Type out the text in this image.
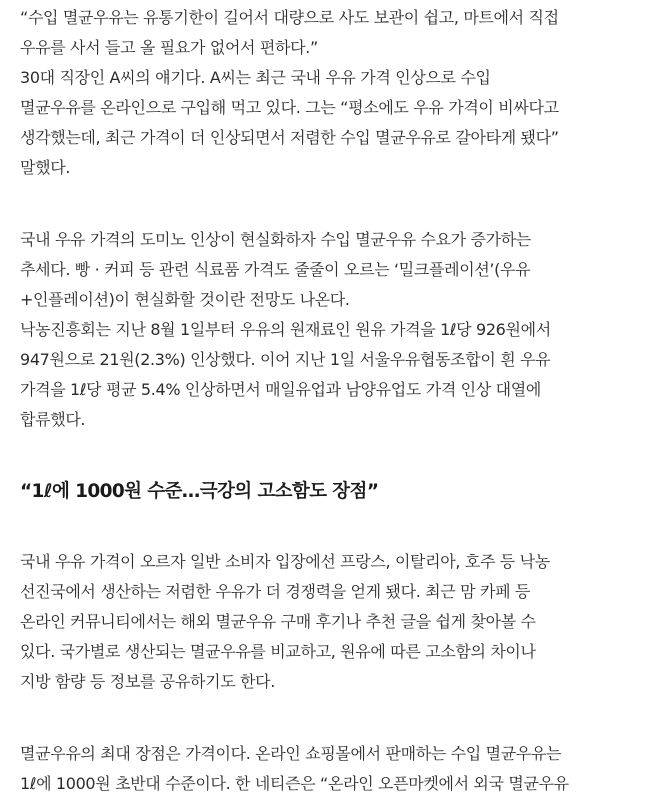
“수입 멸균우유는 유통기한이 길어서 대량으로 사도 보관이 쉽고, 마트에서 직접
우유를 사서 들고 올 필요가 없어서 편하다.”
30대 직장인 A씨의 얘기다. A씨는 최근 국내 우유 가격 인상으로 수입
멸균우유를 온라인으로 구입해 먹고 있다. 그는 “평소에도 우유 가격이 비싸다고
생각했는데, 최근 가격이 더 인상되면서 저렴한 수입 멸균우유로 갈아타게 됐다”
말했다.
국내 우유 가격의 도미노 인상이 현실화하자 수입 멸균우유 수요가 증가하는
추세다. 빵 · 커피 등 관련 식료품 가격도 줄줄이 오르는 ‘밀크플레이션’(우유
+인플레이션)이 현실화할 것이란 전망도 나온다.
낙농진흥회는 지난 8월 1일부터 우유의 원재료인 원유 가격을 1ℓ당 926원에서
947원으로 21원(2.3%) 인상했다. 이어 지난 1일 서울우유협동조합이 흰 우유
가격을 1ℓ당 평균 5.4% 인상하면서 매일유업과 남양유업도 가격 인상 대열에
합류했다.
“1ℓ에 1000원 수준…극강의 고소함도 장점”
국내 우유 가격이 오르자 일반 소비자 입장에선 프랑스, 이탈리아, 호주 등 낙농
선진국에서 생산하는 저렴한 우유가 더 경쟁력을 얻게 됐다. 최근 맘 카페 등
온라인 커뮤니티에서는 해외 멸균우유 구매 후기나 추천 글을 쉽게 찾아볼 수
있다. 국가별로 생산되는 멸균우유를 비교하고, 원유에 따른 고소함의 차이나
지방 함량 등 정보를 공유하기도 한다.
멸균우유의 최대 장점은 가격이다. 온라인 쇼핑몰에서 판매하는 수입 멸균우유는
1ℓ에 1000원 초반대 수준이다. 한 네티즌은 “온라인 오픈마켓에서 외국 멸균우유
